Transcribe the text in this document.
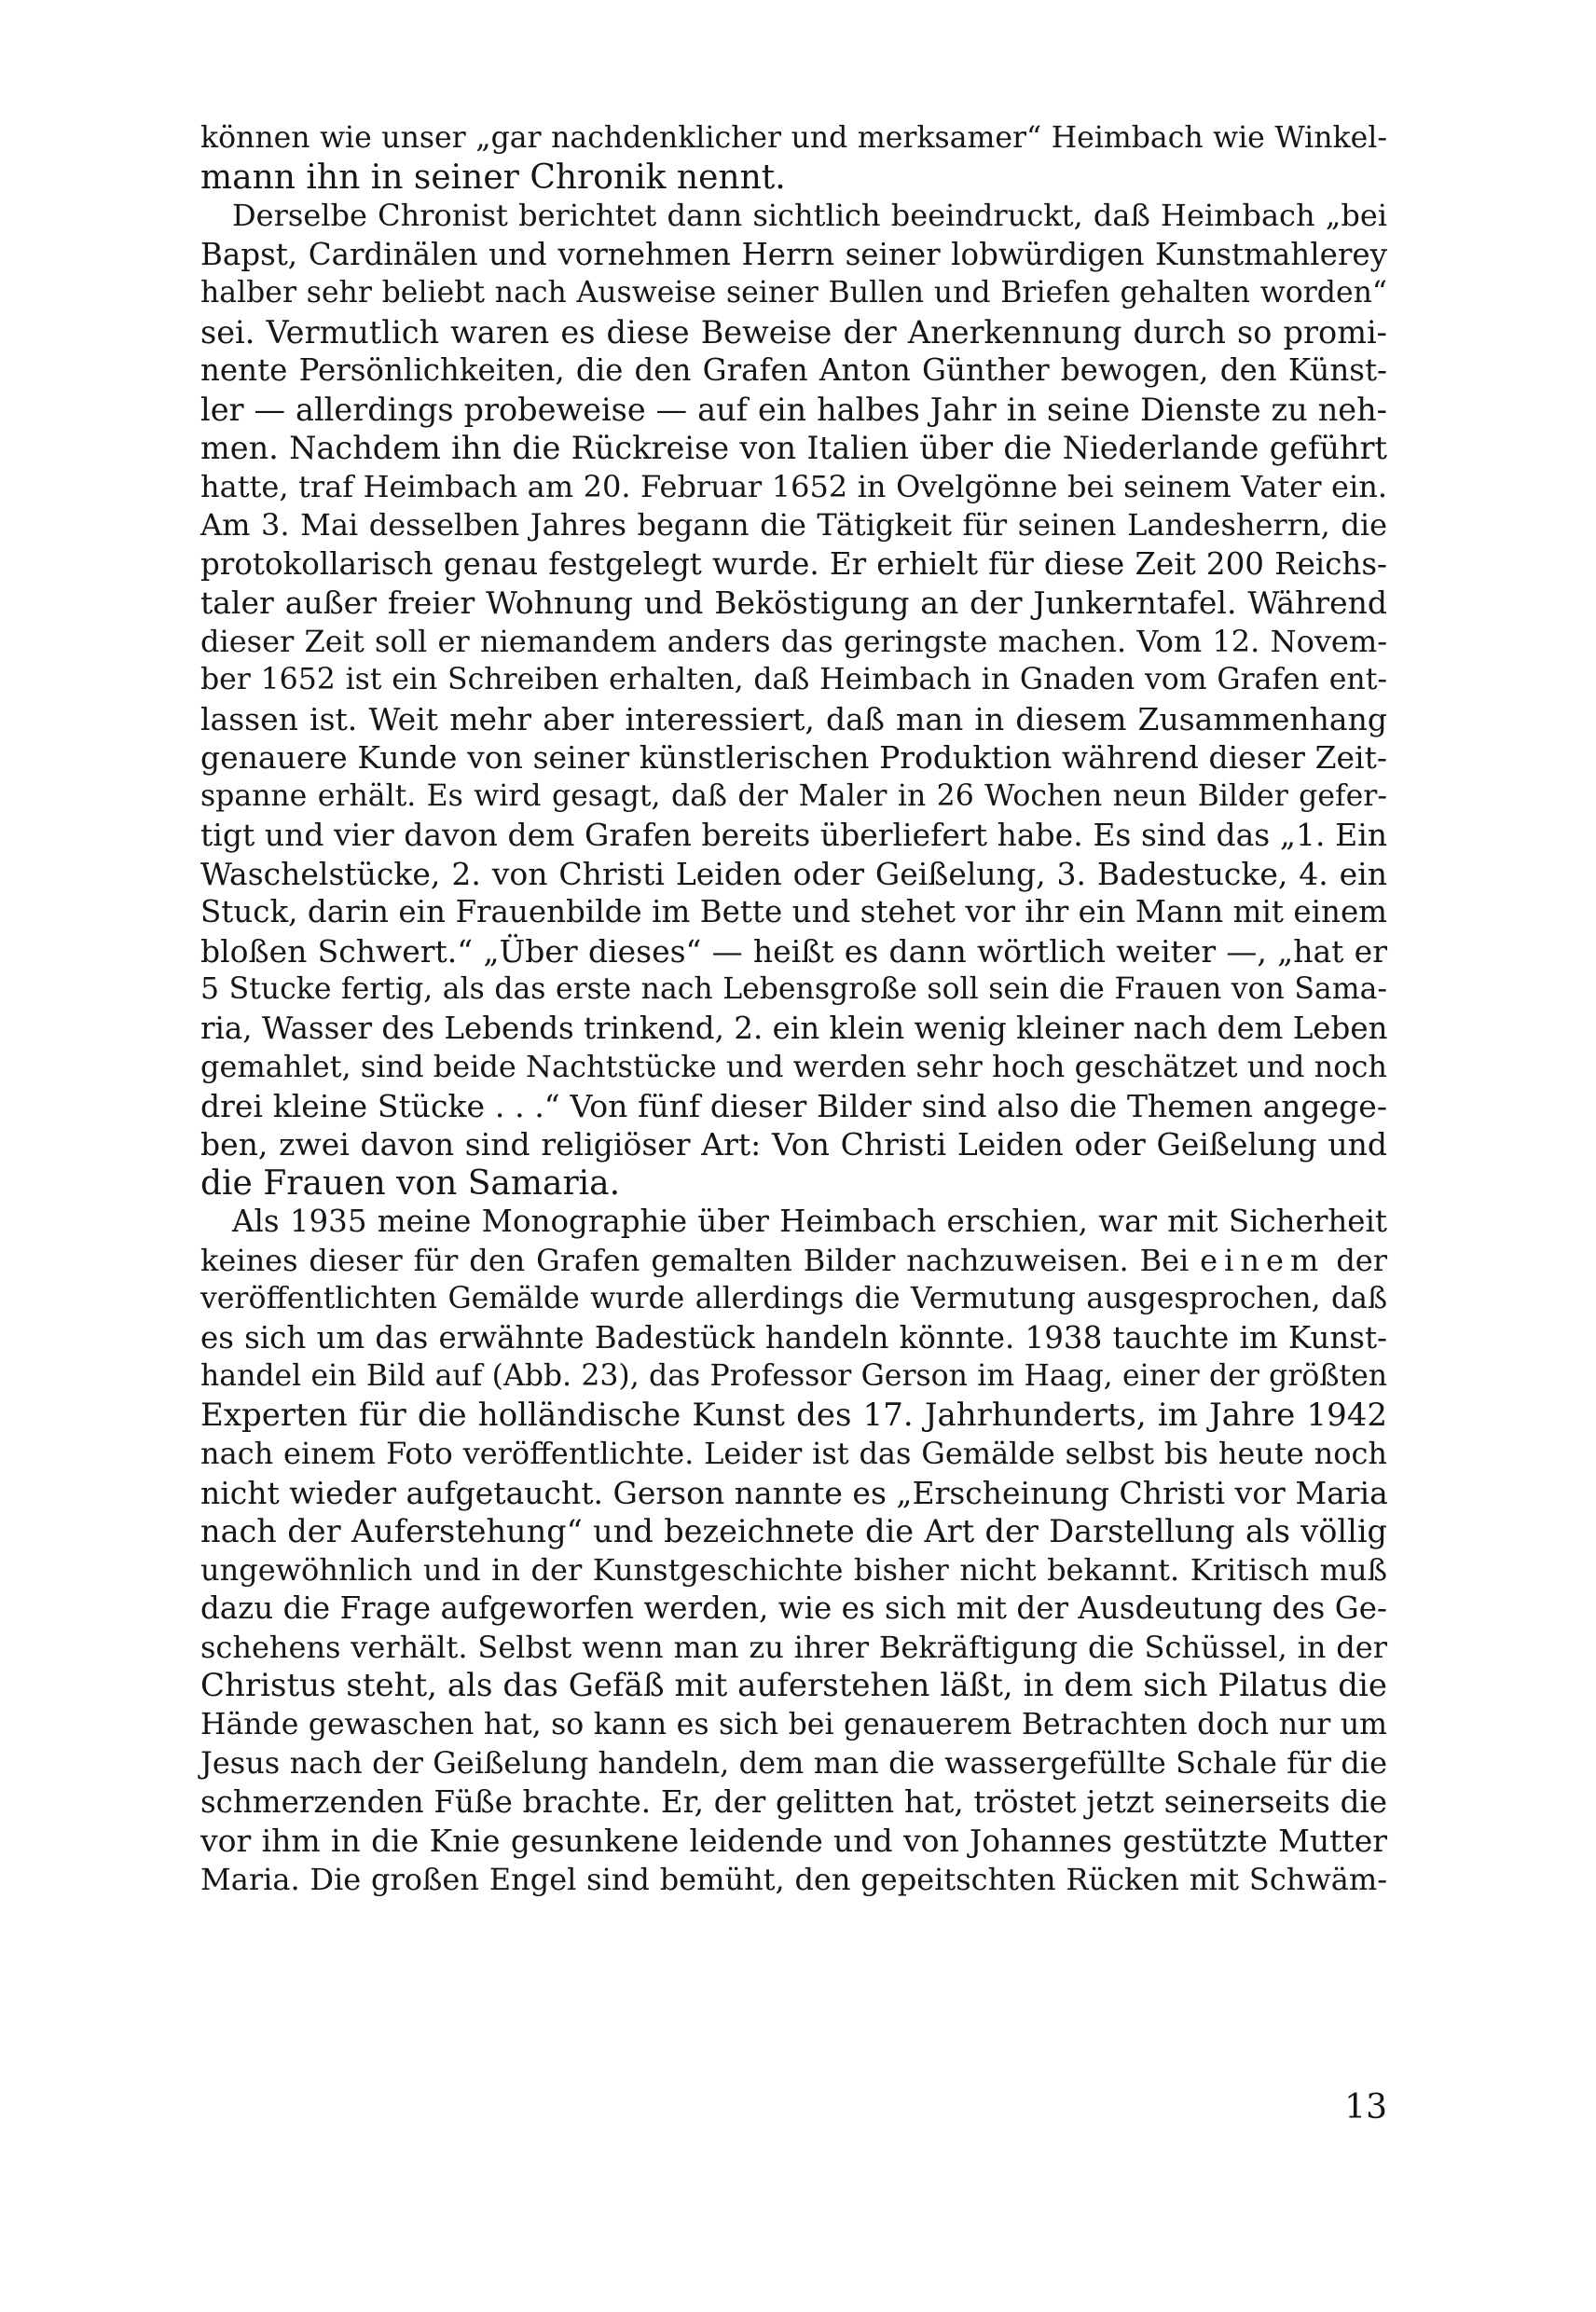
können wie unser „gar nachdenklicher und merksamer“ Heimbach wie Winkel-
mann ihn in seiner Chronik nennt.
Derselbe Chronist berichtet dann sichtlich beeindruckt, daß Heimbach „bei
Bapst, Cardinälen und vornehmen Herrn seiner lobwürdigen Kunstmahlerey
halber sehr beliebt nach Ausweise seiner Bullen und Briefen gehalten worden“
sei. Vermutlich waren es diese Beweise der Anerkennung durch so promi-
nente Persönlichkeiten, die den Grafen Anton Günther bewogen, den Künst-
ler — allerdings probeweise — auf ein halbes Jahr in seine Dienste zu neh-
men. Nachdem ihn die Rückreise von Italien über die Niederlande geführt
hatte, traf Heimbach am 20. Februar 1652 in Ovelgönne bei seinem Vater ein.
Am 3. Mai desselben Jahres begann die Tätigkeit für seinen Landesherrn, die
protokollarisch genau festgelegt wurde. Er erhielt für diese Zeit 200 Reichs-
taler außer freier Wohnung und Beköstigung an der Junkerntafel. Während
dieser Zeit soll er niemandem anders das geringste machen. Vom 12. Novem-
ber 1652 ist ein Schreiben erhalten, daß Heimbach in Gnaden vom Grafen ent-
lassen ist. Weit mehr aber interessiert, daß man in diesem Zusammenhang
genauere Kunde von seiner künstlerischen Produktion während dieser Zeit-
spanne erhält. Es wird gesagt, daß der Maler in 26 Wochen neun Bilder gefer-
tigt und vier davon dem Grafen bereits überliefert habe. Es sind das „1. Ein
Waschelstücke, 2. von Christi Leiden oder Geißelung, 3. Badestucke, 4. ein
Stuck, darin ein Frauenbilde im Bette und stehet vor ihr ein Mann mit einem
bloßen Schwert.“ „Über dieses“ — heißt es dann wörtlich weiter —, „hat er
5 Stucke fertig, als das erste nach Lebensgroße soll sein die Frauen von Sama-
ria, Wasser des Lebends trinkend, 2. ein klein wenig kleiner nach dem Leben
gemahlet, sind beide Nachtstücke und werden sehr hoch geschätzet und noch
drei kleine Stücke . . .“ Von fünf dieser Bilder sind also die Themen angege-
ben, zwei davon sind religiöser Art: Von Christi Leiden oder Geißelung und
die Frauen von Samaria.
Als 1935 meine Monographie über Heimbach erschien, war mit Sicherheit
keines dieser für den Grafen gemalten Bilder nachzuweisen. Bei einem der
veröffentlichten Gemälde wurde allerdings die Vermutung ausgesprochen, daß
es sich um das erwähnte Badestück handeln könnte. 1938 tauchte im Kunst-
handel ein Bild auf (Abb. 23), das Professor Gerson im Haag, einer der größten
Experten für die holländische Kunst des 17. Jahrhunderts, im Jahre 1942
nach einem Foto veröffentlichte. Leider ist das Gemälde selbst bis heute noch
nicht wieder aufgetaucht. Gerson nannte es „Erscheinung Christi vor Maria
nach der Auferstehung“ und bezeichnete die Art der Darstellung als völlig
ungewöhnlich und in der Kunstgeschichte bisher nicht bekannt. Kritisch muß
dazu die Frage aufgeworfen werden, wie es sich mit der Ausdeutung des Ge-
schehens verhält. Selbst wenn man zu ihrer Bekräftigung die Schüssel, in der
Christus steht, als das Gefäß mit auferstehen läßt, in dem sich Pilatus die
Hände gewaschen hat, so kann es sich bei genauerem Betrachten doch nur um
Jesus nach der Geißelung handeln, dem man die wassergefüllte Schale für die
schmerzenden Füße brachte. Er, der gelitten hat, tröstet jetzt seinerseits die
vor ihm in die Knie gesunkene leidende und von Johannes gestützte Mutter
Maria. Die großen Engel sind bemüht, den gepeitschten Rücken mit Schwäm-
13
